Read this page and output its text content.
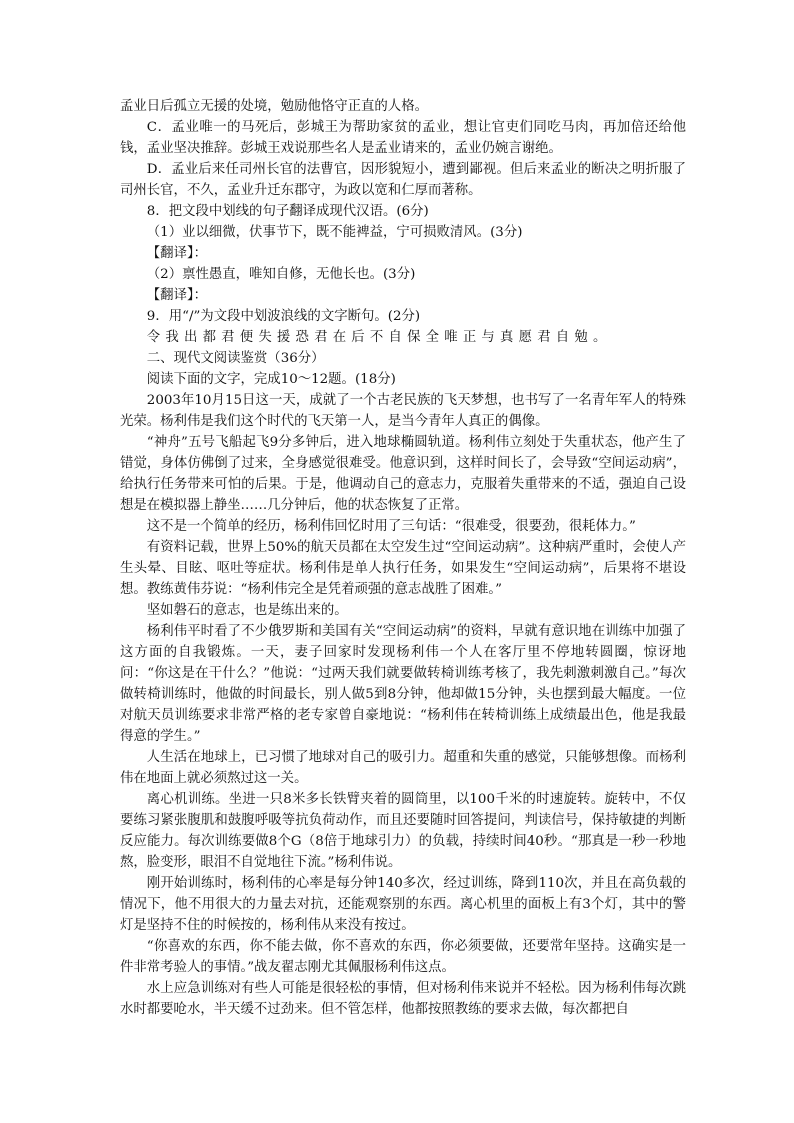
孟业日后孤立无援的处境，勉励他恪守正直的人格。

C．孟业唯一的马死后，彭城王为帮助家贫的孟业，想让官吏们同吃马肉，再加倍还给他钱，孟业坚决推辞。彭城王戏说那些名人是孟业请来的，孟业仍婉言谢绝。

D．孟业后来任司州长官的法曹官，因形貌短小，遭到鄙视。但后来孟业的断决之明折服了司州长官，不久，孟业升迁东郡守，为政以宽和仁厚而著称。

8．把文段中划线的句子翻译成现代汉语。(6分)

（1）业以细微，伏事节下，既不能裨益，宁可损败清风。(3分)

【翻译】：

（2）禀性愚直，唯知自修，无他长也。(3分)

【翻译】：

9．用“/”为文段中划波浪线的文字断句。(2分)

令我出都君便失援恐君在后不自保全唯正与真愿君自勉。

二、现代文阅读鉴赏（36分）

阅读下面的文字，完成10～12题。(18分)

2003年10月15日这一天，成就了一个古老民族的飞天梦想，也书写了一名青年军人的特殊光荣。杨利伟是我们这个时代的飞天第一人，是当今青年人真正的偶像。

“神舟”五号飞船起飞9分多钟后，进入地球椭圆轨道。杨利伟立刻处于失重状态，他产生了错觉，身体仿佛倒了过来，全身感觉很难受。他意识到，这样时间长了，会导致“空间运动病”，给执行任务带来可怕的后果。于是，他调动自己的意志力，克服着失重带来的不适，强迫自己设想是在模拟器上静坐……几分钟后，他的状态恢复了正常。

这不是一个简单的经历，杨利伟回忆时用了三句话：“很难受，很要劲，很耗体力。”

有资料记载，世界上50%的航天员都在太空发生过“空间运动病”。这种病严重时，会使人产生头晕、目眩、呕吐等症状。杨利伟是单人执行任务，如果发生“空间运动病”，后果将不堪设想。教练黄伟芬说：“杨利伟完全是凭着顽强的意志战胜了困难。”

坚如磐石的意志，也是练出来的。

杨利伟平时看了不少俄罗斯和美国有关“空间运动病”的资料，早就有意识地在训练中加强了这方面的自我锻炼。一天，妻子回家时发现杨利伟一个人在客厅里不停地转圆圈，惊讶地问：“你这是在干什么？”他说：“过两天我们就要做转椅训练考核了，我先刺激刺激自己。”每次做转椅训练时，他做的时间最长，别人做5到8分钟，他却做15分钟，头也摆到最大幅度。一位对航天员训练要求非常严格的老专家曾自豪地说：“杨利伟在转椅训练上成绩最出色，他是我最得意的学生。”

人生活在地球上，已习惯了地球对自己的吸引力。超重和失重的感觉，只能够想像。而杨利伟在地面上就必须熬过这一关。

离心机训练。坐进一只8米多长铁臂夹着的圆筒里，以100千米的时速旋转。旋转中，不仅要练习紧张腹肌和鼓腹呼吸等抗负荷动作，而且还要随时回答提问，判读信号，保持敏捷的判断反应能力。每次训练要做8个G（8倍于地球引力）的负载，持续时间40秒。“那真是一秒一秒地熬，脸变形，眼泪不自觉地往下流。”杨利伟说。

刚开始训练时，杨利伟的心率是每分钟140多次，经过训练，降到110次，并且在高负载的情况下，他不用很大的力量去对抗，还能观察别的东西。离心机里的面板上有3个灯，其中的警灯是坚持不住的时候按的，杨利伟从来没有按过。

“你喜欢的东西，你不能去做，你不喜欢的东西，你必须要做，还要常年坚持。这确实是一件非常考验人的事情。”战友翟志刚尤其佩服杨利伟这点。

水上应急训练对有些人可能是很轻松的事情，但对杨利伟来说并不轻松。因为杨利伟每次跳水时都要呛水，半天缓不过劲来。但不管怎样，他都按照教练的要求去做，每次都把自
